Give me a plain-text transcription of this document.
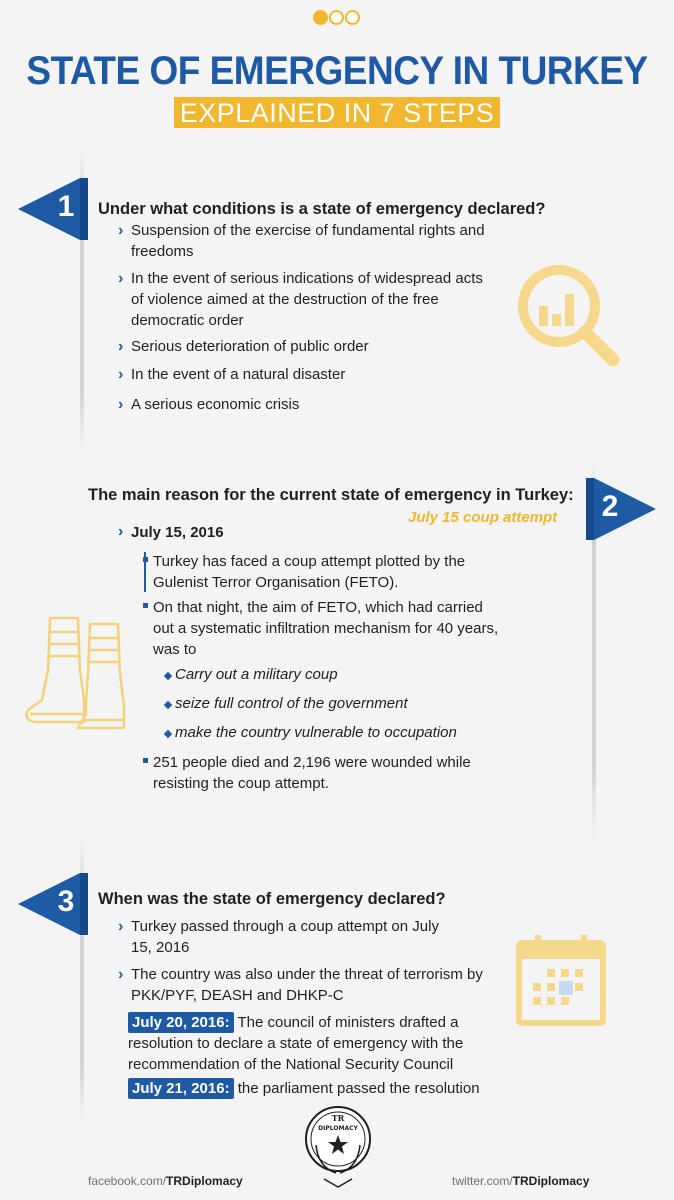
STATE OF EMERGENCY IN TURKEY
EXPLAINED IN 7 STEPS
1	Under what conditions is a state of emergency declared?
› Suspension of the exercise of fundamental rights and freedoms
› In the event of serious indications of widespread acts of violence aimed at the destruction of the free democratic order
› Serious deterioration of public order
› In the event of a natural disaster
› A serious economic crisis
2
The main reason for the current state of emergency in Turkey:
July 15 coup attempt
› July 15, 2016
Turkey has faced a coup attempt plotted by the Gulenist Terror Organisation (FETO).
On that night, the aim of FETO, which had carried out a systematic infiltration mechanism for 40 years, was to
Carry out a military coup
seize full control of the government
make the country vulnerable to occupation
251 people died and 2,196 were wounded while resisting the coup attempt.
3	When was the state of emergency declared?
› Turkey passed through a coup attempt on July 15, 2016
› The country was also under the threat of terrorism by PKK/PYF, DEASH and DHKP-C
July 20, 2016: The council of ministers drafted a resolution to declare a state of emergency with the recommendation of the National Security Council
July 21, 2016: the parliament passed the resolution
TR
DIPLOMACY
facebook.com/TRDiplomacy	twitter.com/TRDiplomacy
